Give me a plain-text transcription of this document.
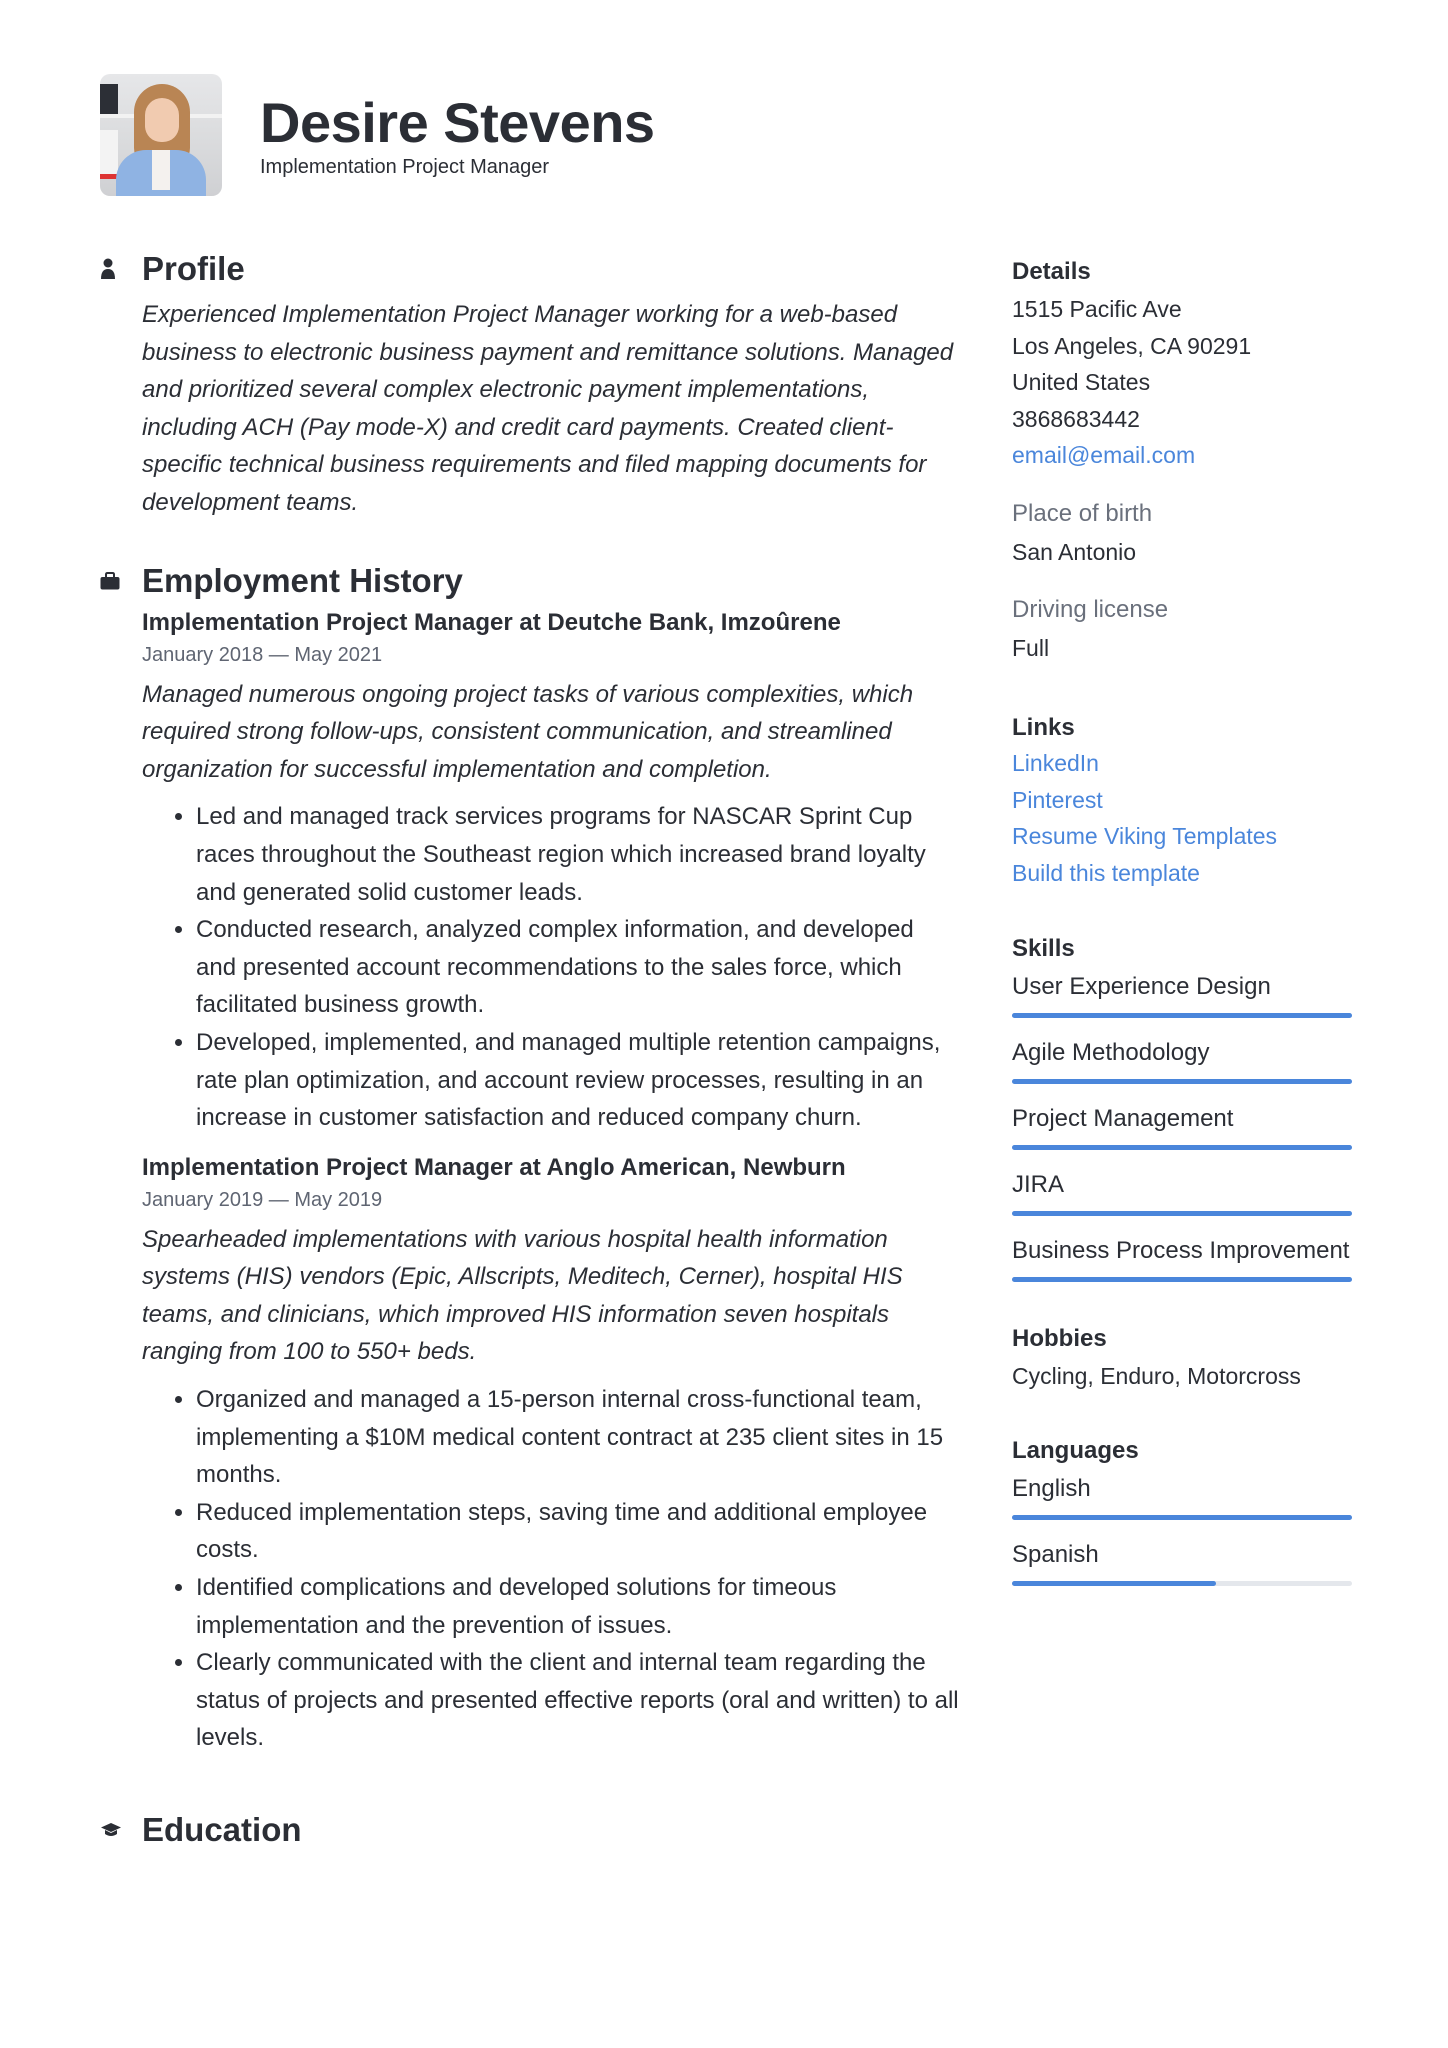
Desire Stevens
Implementation Project Manager
Profile
Experienced Implementation Project Manager working for a web-based business to electronic business payment and remittance solutions. Managed and prioritized several complex electronic payment implementations, including ACH (Pay mode-X) and credit card payments. Created client-specific technical business requirements and filed mapping documents for development teams.
Employment History
Implementation Project Manager at Deutche Bank, Imzoûrene
January 2018 — May 2021
Managed numerous ongoing project tasks of various complexities, which required strong follow-ups, consistent communication, and streamlined organization for successful implementation and completion.
• Led and managed track services programs for NASCAR Sprint Cup races throughout the Southeast region which increased brand loyalty and generated solid customer leads.
• Conducted research, analyzed complex information, and developed and presented account recommendations to the sales force, which facilitated business growth.
• Developed, implemented, and managed multiple retention campaigns, rate plan optimization, and account review processes, resulting in an increase in customer satisfaction and reduced company churn.
Implementation Project Manager at Anglo American, Newburn
January 2019 — May 2019
Spearheaded implementations with various hospital health information systems (HIS) vendors (Epic, Allscripts, Meditech, Cerner), hospital HIS teams, and clinicians, which improved HIS information seven hospitals ranging from 100 to 550+ beds.
• Organized and managed a 15-person internal cross-functional team, implementing a $10M medical content contract at 235 client sites in 15 months.
• Reduced implementation steps, saving time and additional employee costs.
• Identified complications and developed solutions for timeous implementation and the prevention of issues.
• Clearly communicated with the client and internal team regarding the status of projects and presented effective reports (oral and written) to all levels.
Education
Details
1515 Pacific Ave
Los Angeles, CA 90291
United States
3868683442
email@email.com
Place of birth
San Antonio
Driving license
Full
Links
LinkedIn
Pinterest
Resume Viking Templates
Build this template
Skills
User Experience Design
Agile Methodology
Project Management
JIRA
Business Process Improvement
Hobbies
Cycling, Enduro, Motorcross
Languages
English
Spanish
